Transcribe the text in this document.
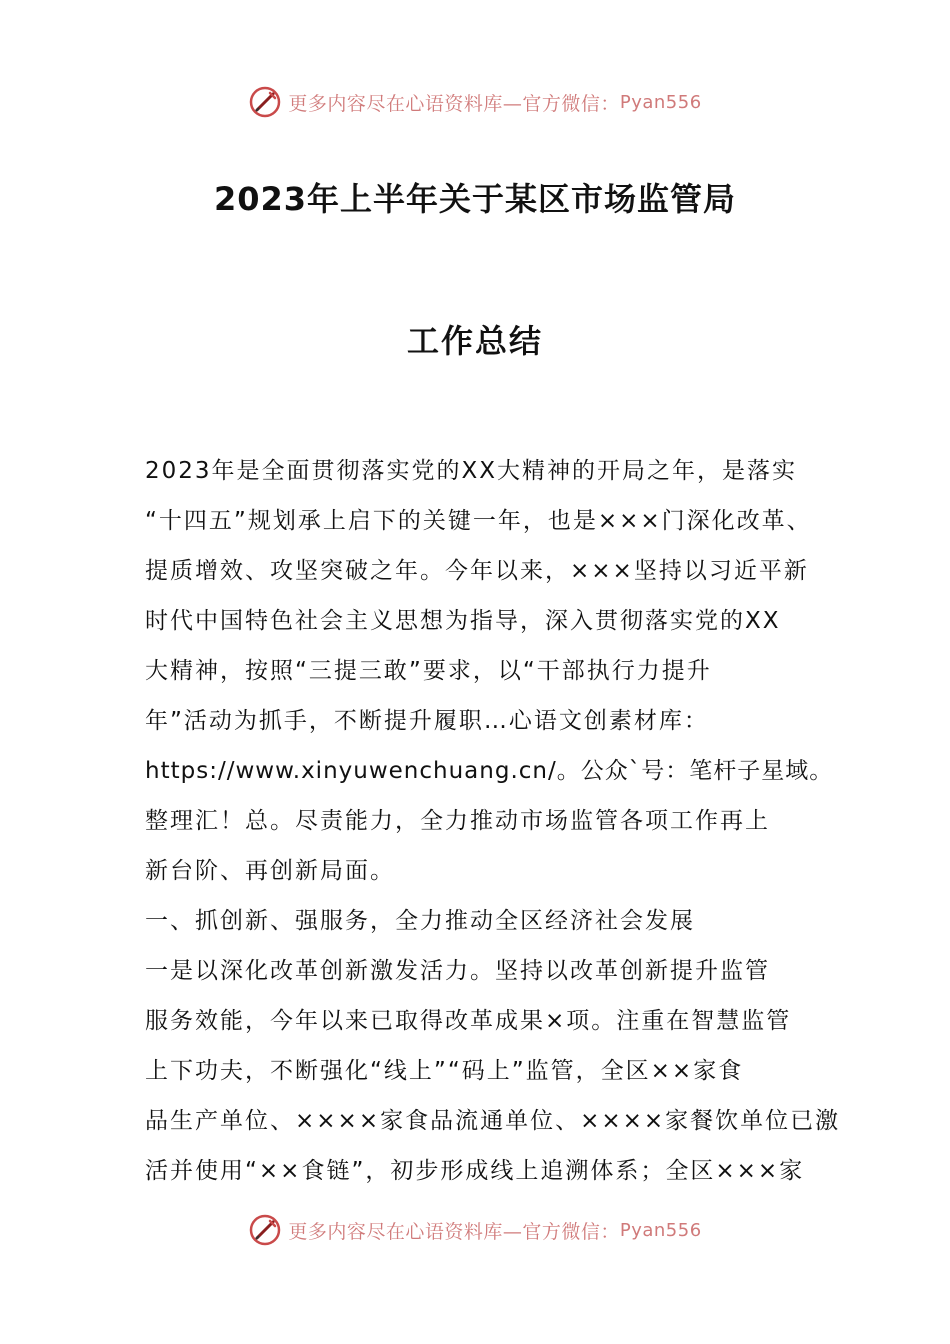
更多内容尽在心语资料库—官方微信： Pyan556
2023年上半年关于某区市场监管局
工作总结
2023年是全面贯彻落实党的XX大精神的开局之年，是落实
“十四五”规划承上启下的关键一年，也是×××门深化改革、
提质增效、攻坚突破之年。今年以来，×××坚持以习近平新
时代中国特色社会主义思想为指导，深入贯彻落实党的XX
大精神，按照“三提三敢”要求，以“干部执行力提升
年”活动为抓手，不断提升履职…心语文创素材库：
https://www.xinyuwenchuang.cn/。公众`号：笔杆子星域。
整理汇！总。尽责能力，全力推动市场监管各项工作再上
新台阶、再创新局面。
一、抓创新、强服务，全力推动全区经济社会发展
一是以深化改革创新激发活力。坚持以改革创新提升监管
服务效能，今年以来已取得改革成果×项。注重在智慧监管
上下功夫，不断强化“线上”“码上”监管，全区××家食
品生产单位、××××家食品流通单位、××××家餐饮单位已激
活并使用“××食链”，初步形成线上追溯体系；全区×××家
更多内容尽在心语资料库—官方微信： Pyan556
